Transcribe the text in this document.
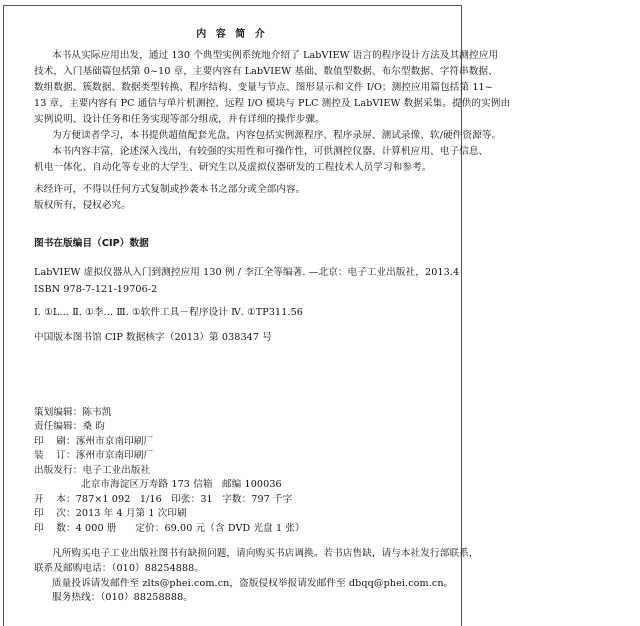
内 容 简 介
本书从实际应用出发，通过 130 个典型实例系统地介绍了 LabVIEW 语言的程序设计方法及其测控应用
技术，入门基础篇包括第 0~10 章，主要内容有 LabVIEW 基础、数值型数据、布尔型数据、字符串数据、
数组数据、簇数据、数据类型转换、程序结构、变量与节点、图形显示和文件 I/O；测控应用篇包括第 11~
13 章，主要内容有 PC 通信与单片机测控、远程 I/O 模块与 PLC 测控及 LabVIEW 数据采集。提供的实例由
实例说明、设计任务和任务实现等部分组成，并有详细的操作步骤。
为方便读者学习，本书提供超值配套光盘，内容包括实例源程序、程序录屏、测试录像、软/硬件资源等。
本书内容丰富，论述深入浅出，有较强的实用性和可操作性，可供测控仪器、计算机应用、电子信息、
机电一体化、自动化等专业的大学生、研究生以及虚拟仪器研发的工程技术人员学习和参考。
未经许可，不得以任何方式复制或抄袭本书之部分或全部内容。
版权所有，侵权必究。
图书在版编目（CIP）数据
LabVIEW 虚拟仪器从入门到测控应用 130 例 / 李江全等编著. —北京：电子工业出版社，2013.4
ISBN 978-7-121-19706-2
Ⅰ. ①L… Ⅱ. ①李… Ⅲ. ①软件工具－程序设计 Ⅳ. ①TP311.56
中国版本图书馆 CIP 数据核字（2013）第 038347 号
策划编辑：陈韦凯
责任编辑：桑 昀
印    刷：涿州市京南印刷厂
装    订：涿州市京南印刷厂
出版发行：电子工业出版社
北京市海淀区万寿路 173 信箱   邮编 100036
开    本：787×1 092   1/16   印张：31   字数：797 千字
印    次：2013 年 4 月第 1 次印刷
印    数：4 000 册      定价：69.00 元（含 DVD 光盘 1 张）
凡所购买电子工业出版社图书有缺损问题，请向购买书店调换。若书店售缺，请与本社发行部联系，
联系及邮购电话：（010）88254888。
质量投诉请发邮件至 zlts@phei.com.cn，盗版侵权举报请发邮件至 dbqq@phei.com.cn。
服务热线：（010）88258888。
